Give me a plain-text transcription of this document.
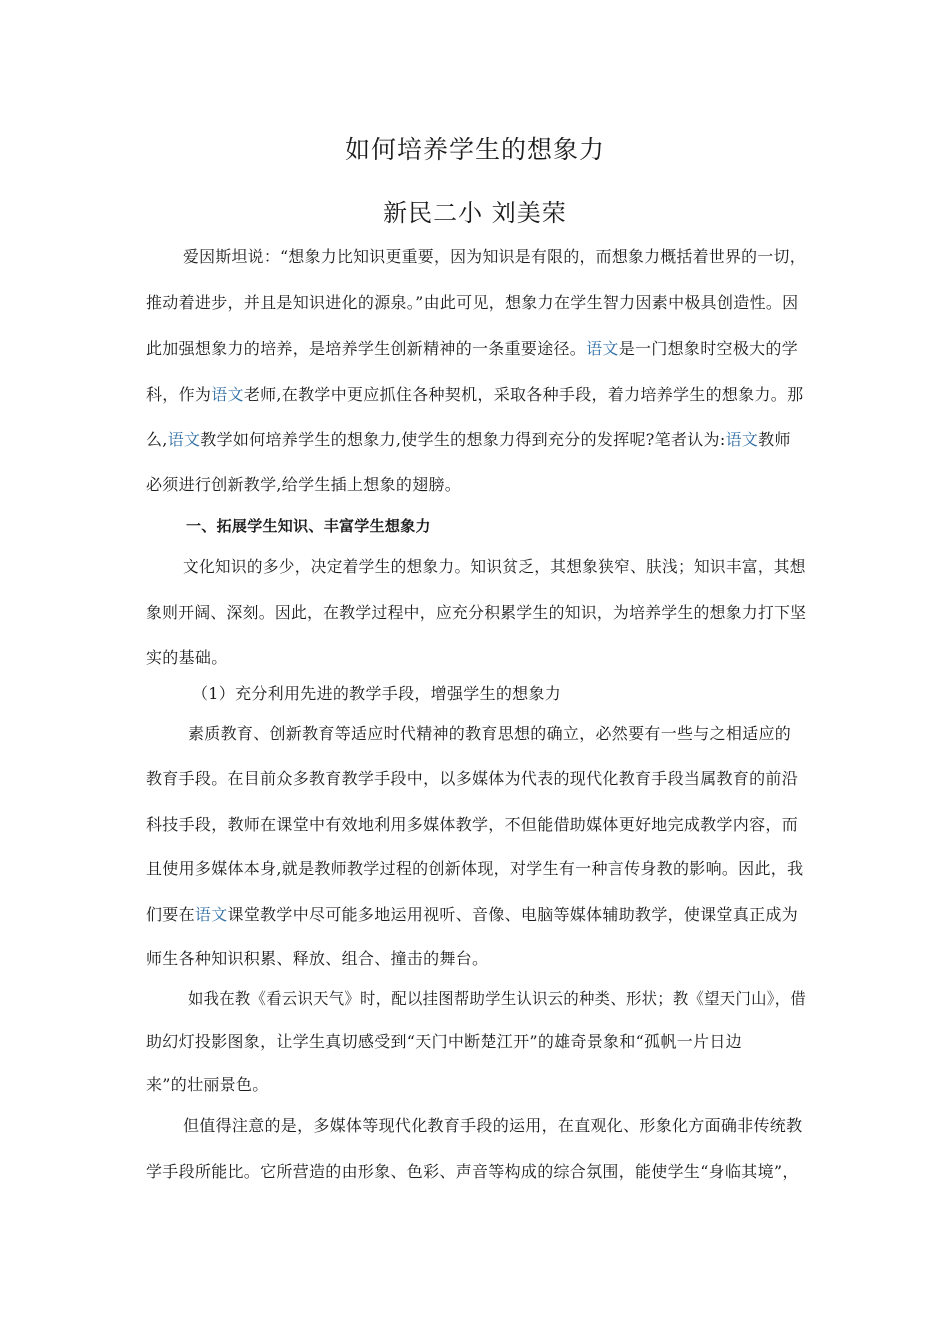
如何培养学生的想象力
新民二小 刘美荣
爱因斯坦说：“想象力比知识更重要，因为知识是有限的，而想象力概括着世界的一切，
推动着进步，并且是知识进化的源泉。”由此可见，想象力在学生智力因素中极具创造性。因
此加强想象力的培养，是培养学生创新精神的一条重要途径。语文是一门想象时空极大的学
科，作为语文老师,在教学中更应抓住各种契机，采取各种手段，着力培养学生的想象力。那
么,语文教学如何培养学生的想象力,使学生的想象力得到充分的发挥呢?笔者认为:语文教师
必须进行创新教学,给学生插上想象的翅膀。
一、拓展学生知识、丰富学生想象力
文化知识的多少，决定着学生的想象力。知识贫乏，其想象狭窄、肤浅；知识丰富，其想
象则开阔、深刻。因此，在教学过程中，应充分积累学生的知识，为培养学生的想象力打下坚
实的基础。
（1）充分利用先进的教学手段，增强学生的想象力
素质教育、创新教育等适应时代精神的教育思想的确立，必然要有一些与之相适应的
教育手段。在目前众多教育教学手段中，以多媒体为代表的现代化教育手段当属教育的前沿
科技手段，教师在课堂中有效地利用多媒体教学，不但能借助媒体更好地完成教学内容，而
且使用多媒体本身,就是教师教学过程的创新体现，对学生有一种言传身教的影响。因此，我
们要在语文课堂教学中尽可能多地运用视听、音像、电脑等媒体辅助教学，使课堂真正成为
师生各种知识积累、释放、组合、撞击的舞台。
如我在教《看云识天气》时，配以挂图帮助学生认识云的种类、形状；教《望天门山》，借
助幻灯投影图象，让学生真切感受到“天门中断楚江开”的雄奇景象和“孤帆一片日边
来”的壮丽景色。
但值得注意的是，多媒体等现代化教育手段的运用，在直观化、形象化方面确非传统教
学手段所能比。它所营造的由形象、色彩、声音等构成的综合氛围，能使学生“身临其境”，
